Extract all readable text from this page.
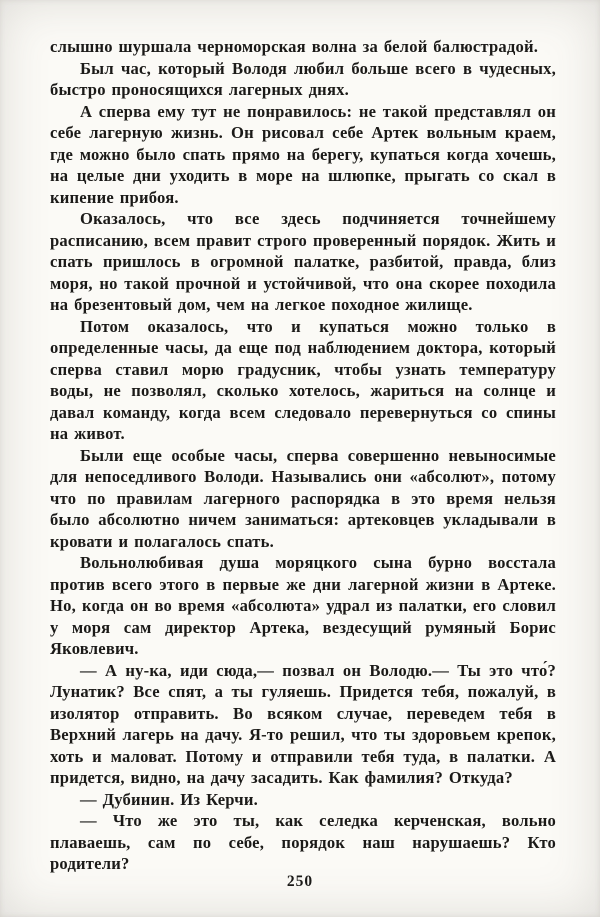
слышно шуршала черноморская волна за белой балюстрадой.

Был час, который Володя любил больше всего в чудесных, быстро проносящихся лагерных днях.

А сперва ему тут не понравилось: не такой представлял он себе лагерную жизнь. Он рисовал себе Артек вольным краем, где можно было спать прямо на берегу, купаться когда хочешь, на целые дни уходить в море на шлюпке, прыгать со скал в кипение прибоя.

Оказалось, что все здесь подчиняется точнейшему расписанию, всем правит строго проверенный порядок. Жить и спать пришлось в огромной палатке, разбитой, правда, близ моря, но такой прочной и устойчивой, что она скорее походила на брезентовый дом, чем на легкое походное жилище.

Потом оказалось, что и купаться можно только в определенные часы, да еще под наблюдением доктора, который сперва ставил морю градусник, чтобы узнать температуру воды, не позволял, сколько хотелось, жариться на солнце и давал команду, когда всем следовало перевернуться со спины на живот.

Были еще особые часы, сперва совершенно невыносимые для непоседливого Володи. Назывались они «абсолют», потому что по правилам лагерного распорядка в это время нельзя было абсолютно ничем заниматься: артековцев укладывали в кровати и полагалось спать.

Вольнолюбивая душа моряцкого сына бурно восстала против всего этого в первые же дни лагерной жизни в Артеке. Но, когда он во время «абсолюта» удрал из палатки, его словил у моря сам директор Артека, вездесущий румяный Борис Яковлевич.

— А ну-ка, иди сюда,— позвал он Володю.— Ты это что́? Лунатик? Все спят, а ты гуляешь. Придется тебя, пожалуй, в изолятор отправить. Во всяком случае, переведем тебя в Верхний лагерь на дачу. Я-то решил, что ты здоровьем крепок, хоть и маловат. Потому и отправили тебя туда, в палатки. А придется, видно, на дачу засадить. Как фамилия? Откуда?

— Дубинин. Из Керчи.

— Что же это ты, как селедка керченская, вольно плаваешь, сам по себе, порядок наш нарушаешь? Кто родители?

250
